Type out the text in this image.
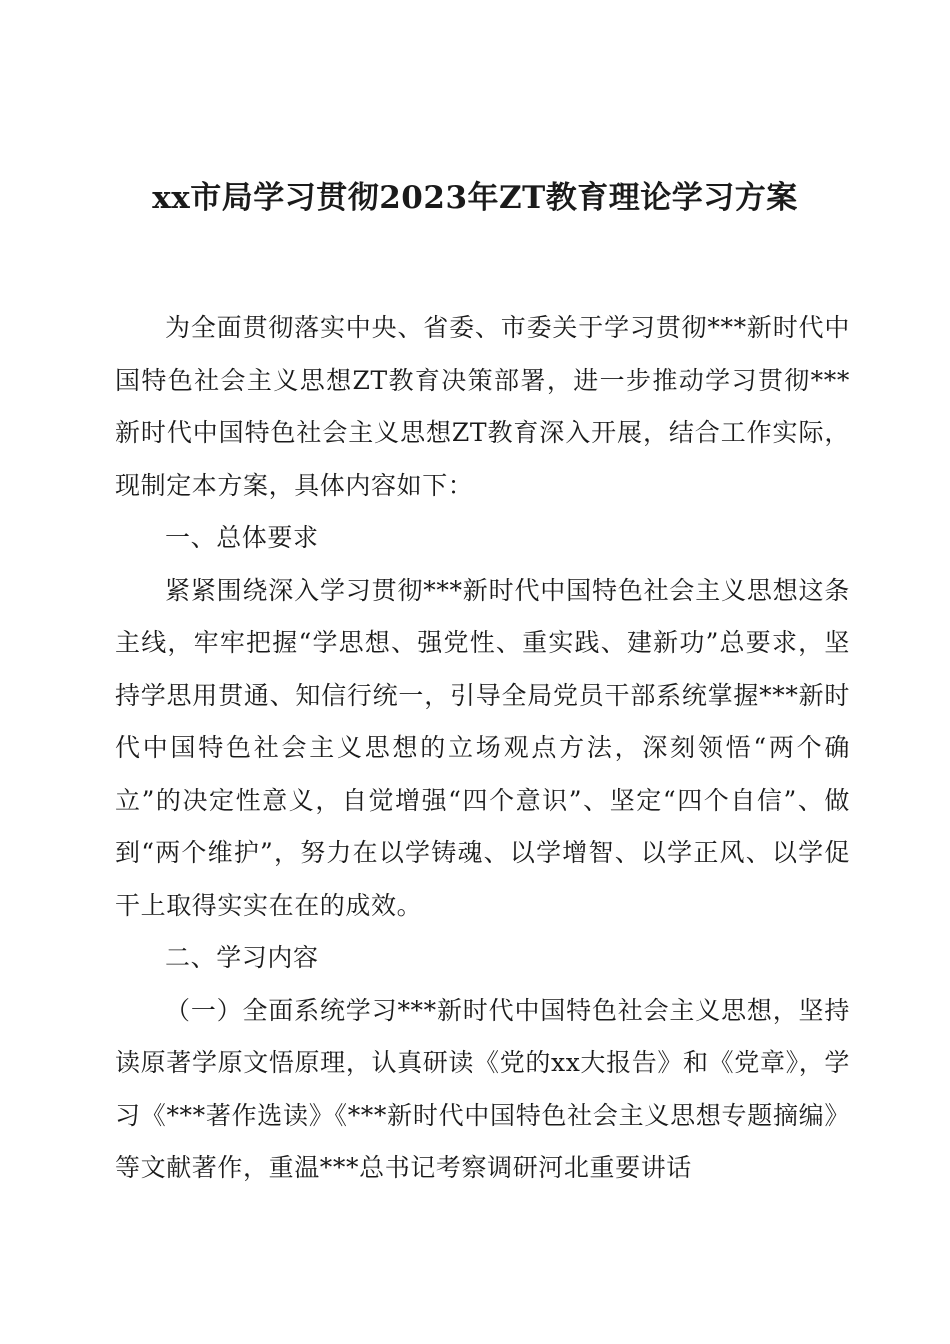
xx市局学习贯彻2023年ZT教育理论学习方案

为全面贯彻落实中央、省委、市委关于学习贯彻***新时代中国特色社会主义思想ZT教育决策部署，进一步推动学习贯彻***新时代中国特色社会主义思想ZT教育深入开展，结合工作实际，现制定本方案，具体内容如下：

一、总体要求

紧紧围绕深入学习贯彻***新时代中国特色社会主义思想这条主线，牢牢把握“学思想、强党性、重实践、建新功”总要求，坚持学思用贯通、知信行统一，引导全局党员干部系统掌握***新时代中国特色社会主义思想的立场观点方法，深刻领悟“两个确立”的决定性意义，自觉增强“四个意识”、坚定“四个自信”、做到“两个维护”，努力在以学铸魂、以学增智、以学正风、以学促干上取得实实在在的成效。

二、学习内容

（一）全面系统学习***新时代中国特色社会主义思想，坚持读原著学原文悟原理，认真研读《党的xx大报告》和《党章》，学习《***著作选读》《***新时代中国特色社会主义思想专题摘编》等文献著作，重温***总书记考察调研河北重要讲话
